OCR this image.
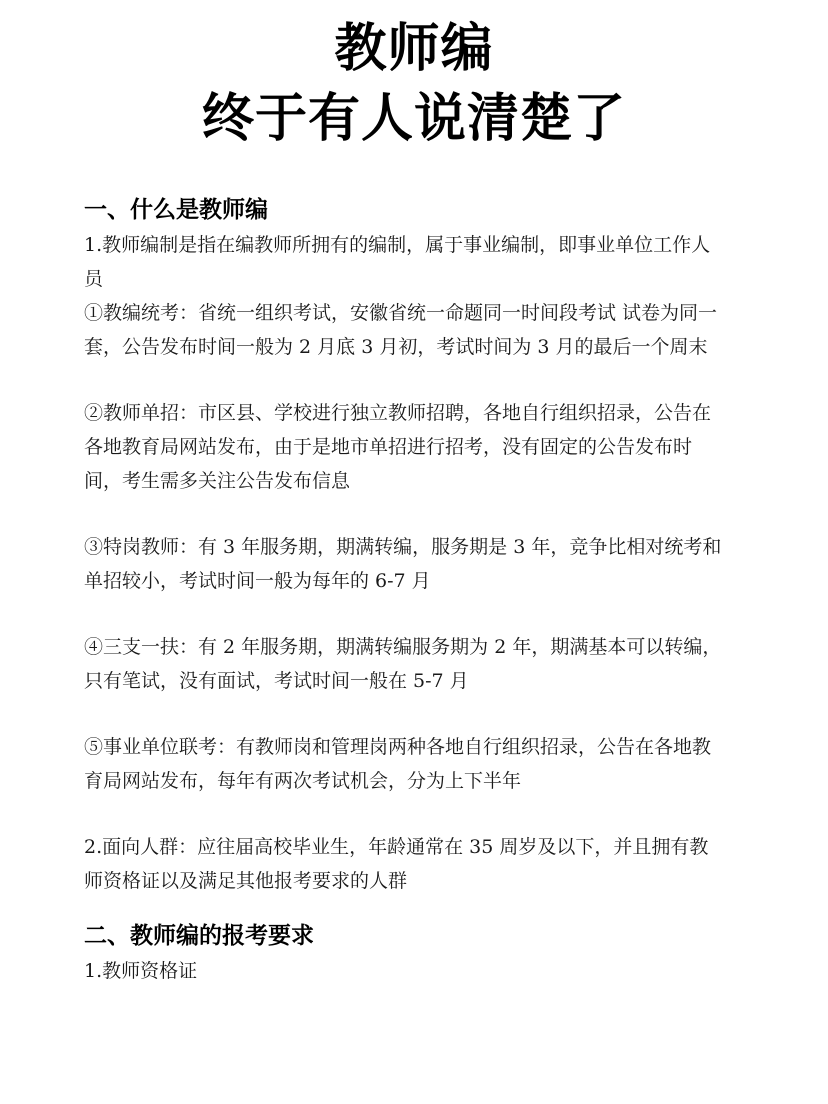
教师编
终于有人说清楚了
一、什么是教师编

1.教师编制是指在编教师所拥有的编制，属于事业编制，即事业单位工作人员

①教编统考：省统一组织考试，安徽省统一命题同一时间段考试 试卷为同一套，公告发布时间一般为 2 月底 3 月初，考试时间为 3 月的最后一个周末

②教师单招：市区县、学校进行独立教师招聘，各地自行组织招录，公告在各地教育局网站发布，由于是地市单招进行招考，没有固定的公告发布时间，考生需多关注公告发布信息

③特岗教师：有 3 年服务期，期满转编，服务期是 3 年，竞争比相对统考和单招较小，考试时间一般为每年的 6-7 月

④三支一扶：有 2 年服务期，期满转编服务期为 2 年，期满基本可以转编，只有笔试，没有面试，考试时间一般在 5-7 月

⑤事业单位联考：有教师岗和管理岗两种各地自行组织招录，公告在各地教育局网站发布，每年有两次考试机会，分为上下半年

2.面向人群：应往届高校毕业生，年龄通常在 35 周岁及以下，并且拥有教师资格证以及满足其他报考要求的人群

二、教师编的报考要求

1.教师资格证
